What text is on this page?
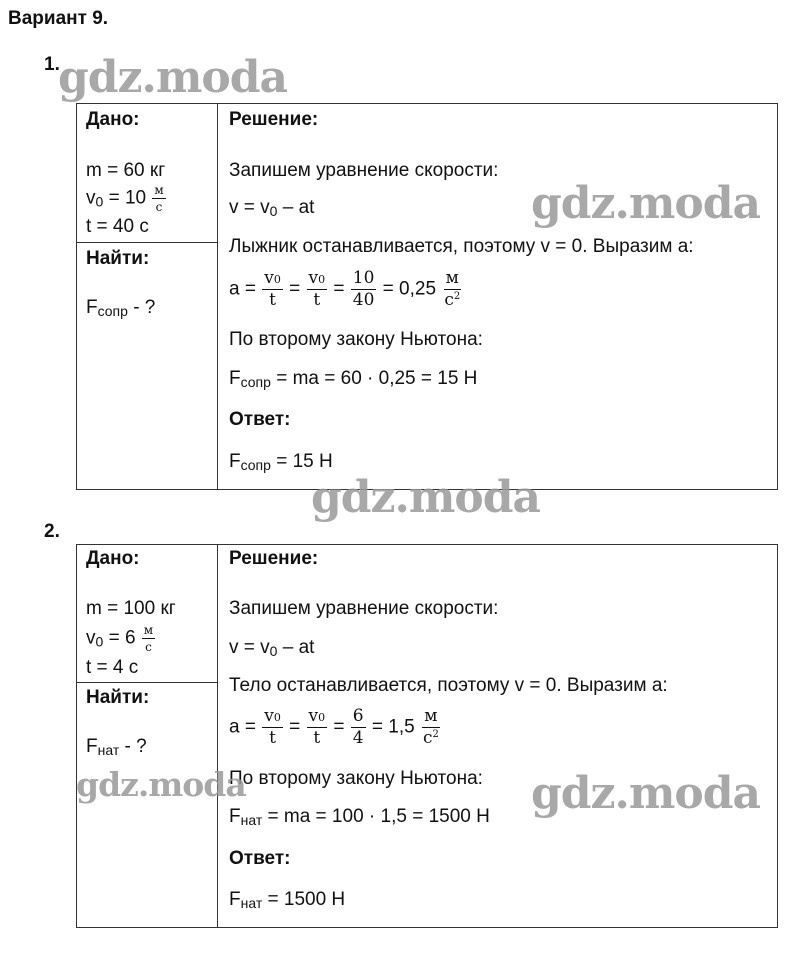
Вариант 9.
1.
Дано:
m = 60 кг
$v_0 = 10 \frac{м}{с}$
t = 40 с
Найти:
$F_{сопр}$ - ?
Решение:
Запишем уравнение скорости:
$v = v_0$ – at
Лыжник останавливается, поэтому v = 0. Выразим а:
$a = \frac{v0}{t} = \frac{v0}{t} = \frac{10}{40} = 0,25 \frac{м}{с^2}$
По второму закону Ньютона:
$F_{сопр}$ = ma = 60 · 0,25 = 15 Н
Ответ:
$F_{сопр} = 15$ Н
2.
Дано:
m = 100 кг
$v_0 = 6 \frac{м}{с}$
t = 4 с
Найти:
$F_{нат}$ - ?
Решение:
Запишем уравнение скорости:
$v = v_0$ – at
Тело останавливается, поэтому v = 0. Выразим а:
$a = \frac{v0}{t} = \frac{v0}{t} = \frac{6}{4} = 1,5 \frac{м}{с^2}$
По второму закону Ньютона:
$F_{нат}$ = ma = 100 · 1,5 = 1500 Н
Ответ:
$F_{нат} = 1500$ Н
gdz.moda
gdz.moda
gdz.moda
gdz.moda	gdz.moda
